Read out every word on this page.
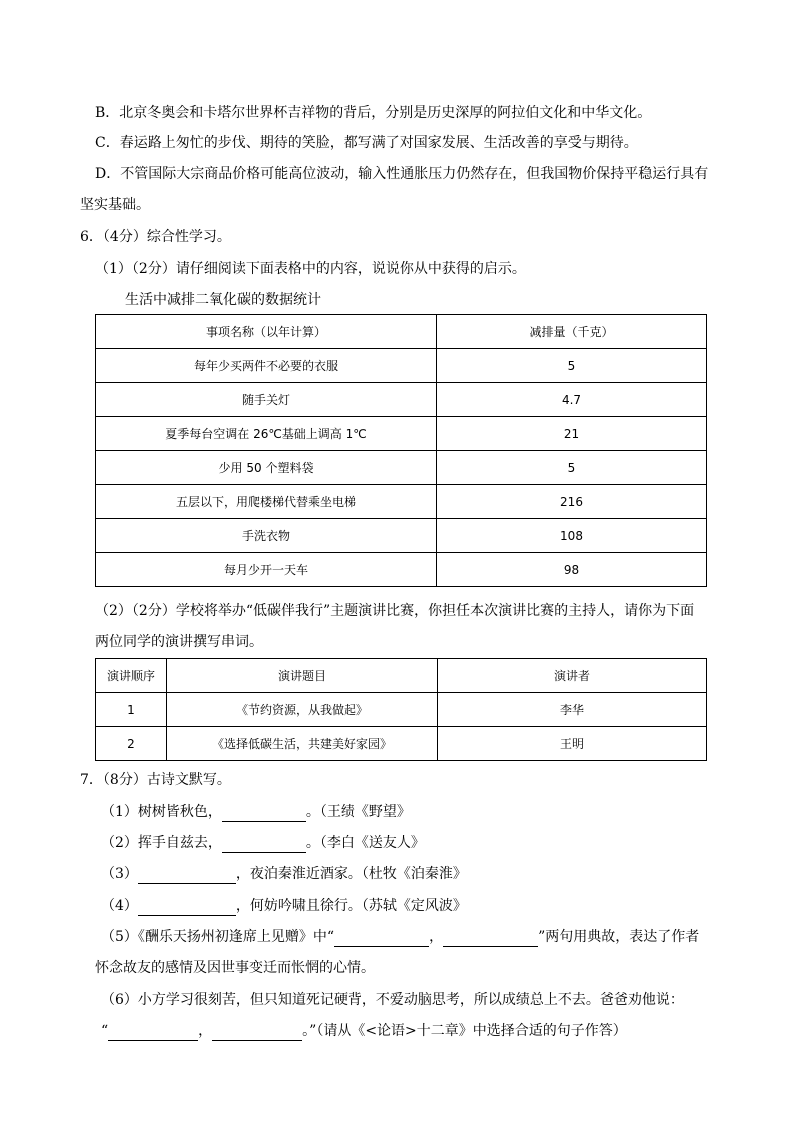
B．北京冬奥会和卡塔尔世界杯吉祥物的背后，分别是历史深厚的阿拉伯文化和中华文化。
C．春运路上匆忙的步伐、期待的笑脸，都写满了对国家发展、生活改善的享受与期待。
D．不管国际大宗商品价格可能高位波动，输入性通胀压力仍然存在，但我国物价保持平稳运行具有
坚实基础。
6．（4分）综合性学习。
（1）（2分）请仔细阅读下面表格中的内容，说说你从中获得的启示。
生活中减排二氧化碳的数据统计
事项名称（以年计算）	减排量（千克）
每年少买两件不必要的衣服	5
随手关灯	4.7
夏季每台空调在 26℃基础上调高 1℃	21
少用 50 个塑料袋	5
五层以下，用爬楼梯代替乘坐电梯	216
手洗衣物	108
每月少开一天车	98
（2）（2分）学校将举办“低碳伴我行”主题演讲比赛，你担任本次演讲比赛的主持人，请你为下面
两位同学的演讲撰写串词。
演讲顺序	演讲题目	演讲者
1	《节约资源，从我做起》	李华
2	《选择低碳生活，共建美好家园》	王明
7．（8分）古诗文默写。
（1）树树皆秋色，	。（王绩《野望》
（2）挥手自兹去，	。（李白《送友人》
（3）	，夜泊秦淮近酒家。（杜牧《泊秦淮》
（4）	，何妨吟啸且徐行。（苏轼《定风波》
（5）《酬乐天扬州初逢席上见赠》中“	，	”两句用典故，表达了作者
怀念故友的感情及因世事变迁而怅惘的心情。
（6）小方学习很刻苦，但只知道死记硬背，不爱动脑思考，所以成绩总上不去。爸爸劝他说：
“	，	。”（请从《<论语>十二章》中选择合适的句子作答）
